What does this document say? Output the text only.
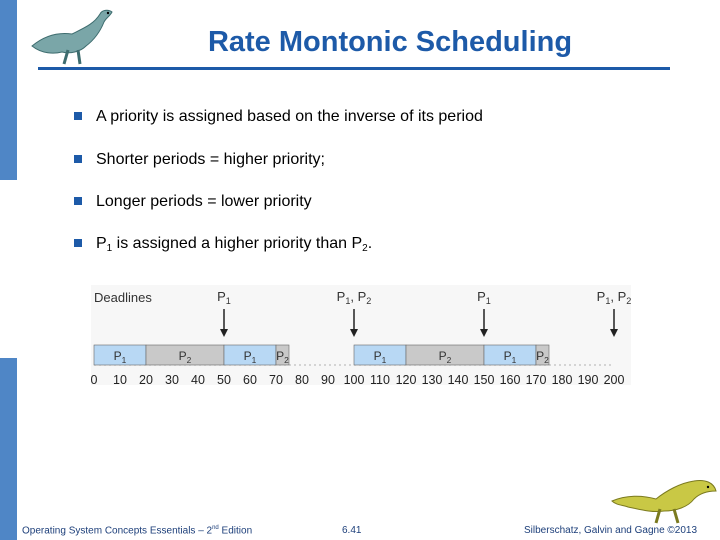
Rate Montonic Scheduling
A priority is assigned based on the inverse of its period
Shorter periods = higher priority;
Longer periods = lower priority
$P_1$ is assigned a higher priority than $P_2$.
Deadlines	$P_1$	$P_1$, $P_2$	$P_1$	$P_1$, $P_2$
$P_1$	$P_2$	$P_1$ $P_2$	$P_1$	$P_2$	$P_1$ $P_2$
0 10 20 30 40 50 60 70 80 90 100 110 120 130 140 150 160 170 180 190 200
Operating System Concepts Essentials – 2nd Edition	6.41	Silberschatz, Galvin and Gagne ©2013
